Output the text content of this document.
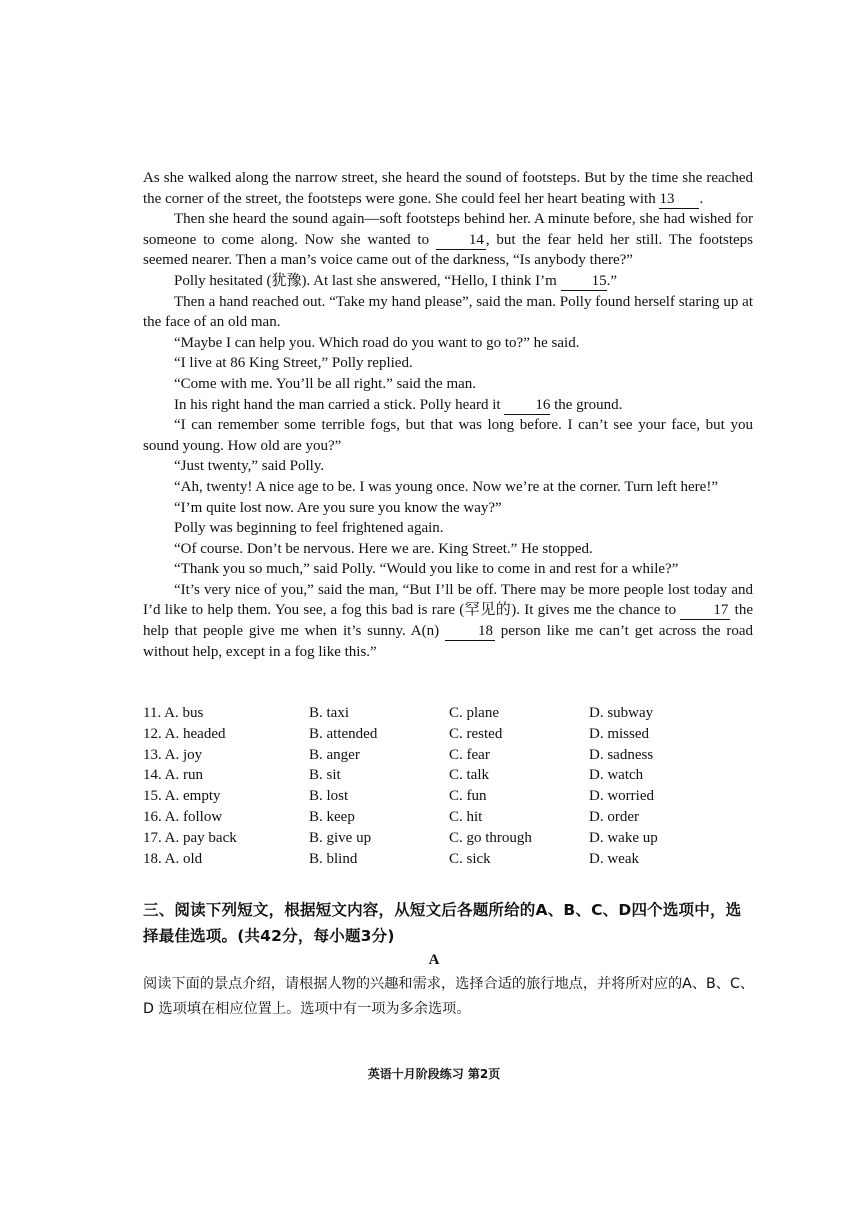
As she walked along the narrow street, she heard the sound of footsteps. But by the time she reached the corner of the street, the footsteps were gone. She could feel her heart beating with 13 .

Then she heard the sound again—soft footsteps behind her. A minute before, she had wished for someone to come along. Now she wanted to 14 , but the fear held her still. The footsteps seemed nearer. Then a man’s voice came out of the darkness, “Is anybody there?”

Polly hesitated (犹豫). At last she answered, “Hello, I think I’m 15.”

Then a hand reached out. “Take my hand please”, said the man. Polly found herself staring up at the face of an old man.

“Maybe I can help you. Which road do you want to go to?” he said.

“I live at 86 King Street,” Polly replied.

“Come with me. You’ll be all right.” said the man.

In his right hand the man carried a stick. Polly heard it 16 the ground.

“I can remember some terrible fogs, but that was long before. I can’t see your face, but you sound young. How old are you?”

“Just twenty,” said Polly.

“Ah, twenty! A nice age to be. I was young once. Now we’re at the corner. Turn left here!”

“I’m quite lost now. Are you sure you know the way?”

Polly was beginning to feel frightened again.

“Of course. Don’t be nervous. Here we are. King Street.” He stopped.

“Thank you so much,” said Polly. “Would you like to come in and rest for a while?”

“It’s very nice of you,” said the man, “But I’ll be off. There may be more people lost today and I’d like to help them. You see, a fog this bad is rare (罕见的). It gives me the chance to 17 the help that people give me when it’s sunny. A(n) 18 person like me can’t get across the road without help, except in a fog like this.”

11. A. bus	B. taxi	C. plane	D. subway
12. A. headed	B. attended	C. rested	D. missed
13. A. joy	B. anger	C. fear	D. sadness
14. A. run	B. sit	C. talk	D. watch
15. A. empty	B. lost	C. fun	D. worried
16. A. follow	B. keep	C. hit	D. order
17. A. pay back	B. give up	C. go through	D. wake up
18. A. old	B. blind	C. sick	D. weak
三、阅读下列短文，根据短文内容，从短文后各题所给的A、B、C、D四个选项中，选择最佳选项。(共42分，每小题3分)
A
阅读下面的景点介绍，请根据人物的兴趣和需求，选择合适的旅行地点，并将所对应的A、B、C、D 选项填在相应位置上。选项中有一项为多余选项。
英语十月阶段练习 第2页
